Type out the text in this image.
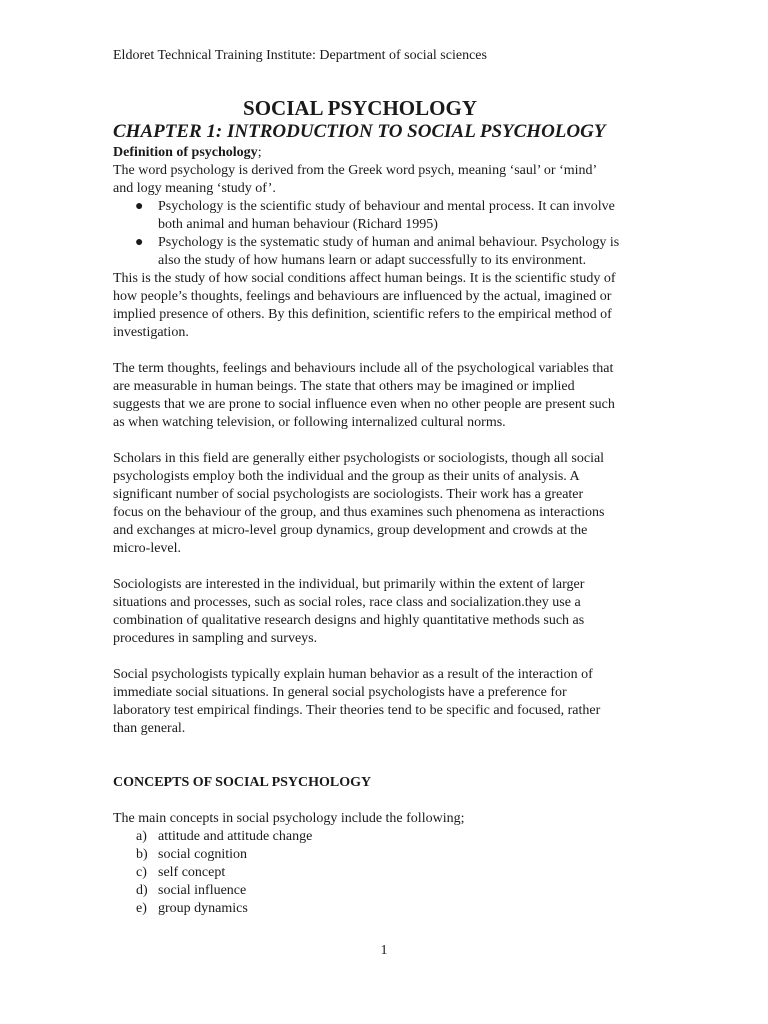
Eldoret Technical Training Institute: Department of social sciences
SOCIAL PSYCHOLOGY
CHAPTER 1: INTRODUCTION TO SOCIAL PSYCHOLOGY

Definition of psychology;

The word psychology is derived from the Greek word psych, meaning ‘saul’ or ‘mind’
and logy meaning ‘study of’.

● Psychology is the scientific study of behaviour and mental process. It can involve
both animal and human behaviour (Richard 1995)
● Psychology is the systematic study of human and animal behaviour. Psychology is
also the study of how humans learn or adapt successfully to its environment.

This is the study of how social conditions affect human beings. It is the scientific study of
how people’s thoughts, feelings and behaviours are influenced by the actual, imagined or
implied presence of others. By this definition, scientific refers to the empirical method of
investigation.

The term thoughts, feelings and behaviours include all of the psychological variables that
are measurable in human beings. The state that others may be imagined or implied
suggests that we are prone to social influence even when no other people are present such
as when watching television, or following internalized cultural norms.

Scholars in this field are generally either psychologists or sociologists, though all social
psychologists employ both the individual and the group as their units of analysis. A
significant number of social psychologists are sociologists. Their work has a greater
focus on the behaviour of the group, and thus examines such phenomena as interactions
and exchanges at micro-level group dynamics, group development and crowds at the
micro-level.

Sociologists are interested in the individual, but primarily within the extent of larger
situations and processes, such as social roles, race class and socialization.they use a
combination of qualitative research designs and highly quantitative methods such as
procedures in sampling and surveys.

Social psychologists typically explain human behavior as a result of the interaction of
immediate social situations. In general social psychologists have a preference for
laboratory test empirical findings. Their theories tend to be specific and focused, rather
than general.

CONCEPTS OF SOCIAL PSYCHOLOGY

The main concepts in social psychology include the following;

a) attitude and attitude change
b) social cognition
c) self concept
d) social influence
e) group dynamics
1
